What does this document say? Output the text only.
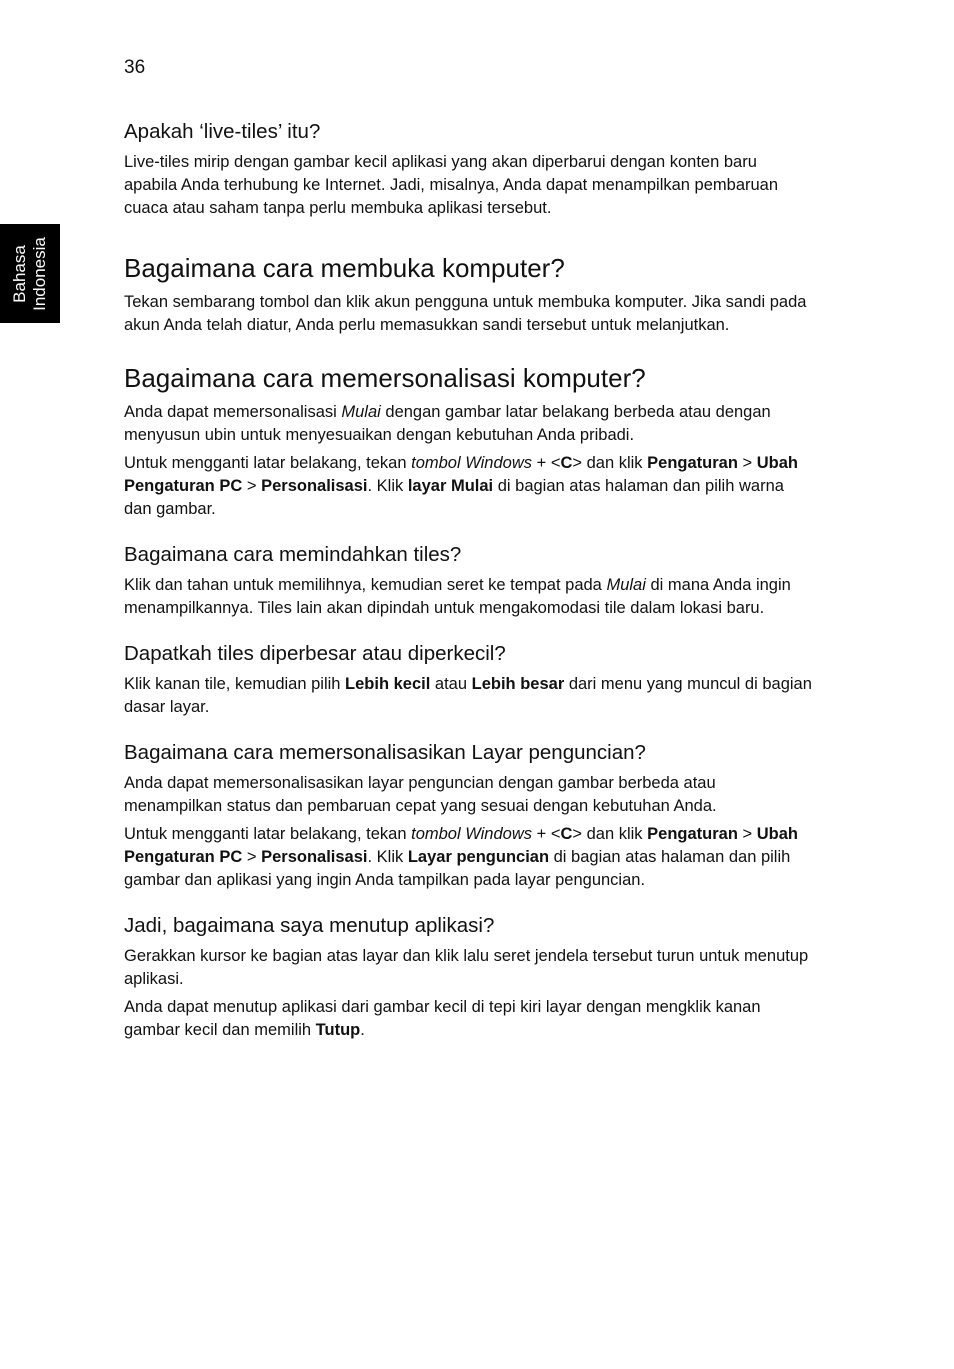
36
Bahasa Indonesia
Apakah ‘live-tiles’ itu?

Live-tiles mirip dengan gambar kecil aplikasi yang akan diperbarui dengan konten baru apabila Anda terhubung ke Internet. Jadi, misalnya, Anda dapat menampilkan pembaruan cuaca atau saham tanpa perlu membuka aplikasi tersebut.

Bagaimana cara membuka komputer?

Tekan sembarang tombol dan klik akun pengguna untuk membuka komputer. Jika sandi pada akun Anda telah diatur, Anda perlu memasukkan sandi tersebut untuk melanjutkan.

Bagaimana cara memersonalisasi komputer?

Anda dapat memersonalisasi Mulai dengan gambar latar belakang berbeda atau dengan menyusun ubin untuk menyesuaikan dengan kebutuhan Anda pribadi.

Untuk mengganti latar belakang, tekan tombol Windows + <C> dan klik Pengaturan > Ubah Pengaturan PC > Personalisasi. Klik layar Mulai di bagian atas halaman dan pilih warna dan gambar.

Bagaimana cara memindahkan tiles?

Klik dan tahan untuk memilihnya, kemudian seret ke tempat pada Mulai di mana Anda ingin menampilkannya. Tiles lain akan dipindah untuk mengakomodasi tile dalam lokasi baru.

Dapatkah tiles diperbesar atau diperkecil?

Klik kanan tile, kemudian pilih Lebih kecil atau Lebih besar dari menu yang muncul di bagian dasar layar.

Bagaimana cara memersonalisasikan Layar penguncian?

Anda dapat memersonalisasikan layar penguncian dengan gambar berbeda atau menampilkan status dan pembaruan cepat yang sesuai dengan kebutuhan Anda.

Untuk mengganti latar belakang, tekan tombol Windows + <C> dan klik Pengaturan > Ubah Pengaturan PC > Personalisasi. Klik Layar penguncian di bagian atas halaman dan pilih gambar dan aplikasi yang ingin Anda tampilkan pada layar penguncian.

Jadi, bagaimana saya menutup aplikasi?

Gerakkan kursor ke bagian atas layar dan klik lalu seret jendela tersebut turun untuk menutup aplikasi.

Anda dapat menutup aplikasi dari gambar kecil di tepi kiri layar dengan mengklik kanan gambar kecil dan memilih Tutup.
